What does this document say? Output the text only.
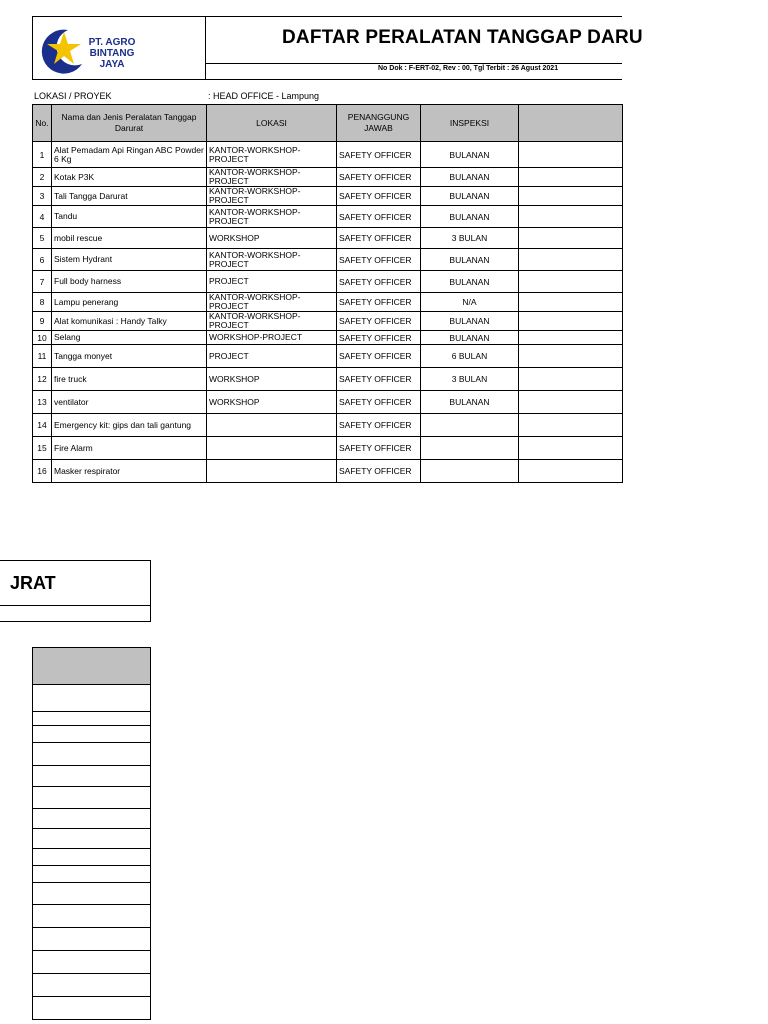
PT. AGRO
BINTANG
JAYA
DAFTAR PERALATAN TANGGAP DARU
No Dok : F-ERT-02, Rev : 00, Tgl Terbit : 26 Agust 2021
LOKASI / PROYEK	: HEAD OFFICE - Lampung
No.	Nama dan Jenis Peralatan Tanggap Darurat	LOKASI	PENANGGUNG JAWAB	INSPEKSI	
1	Alat Pemadam Api Ringan ABC Powder 6 Kg	KANTOR-WORKSHOP-PROJECT	SAFETY OFFICER	BULANAN	
2	Kotak P3K	KANTOR-WORKSHOP-PROJECT	SAFETY OFFICER	BULANAN	
3	Tali Tangga Darurat	KANTOR-WORKSHOP-PROJECT	SAFETY OFFICER	BULANAN	
4	Tandu	KANTOR-WORKSHOP-PROJECT	SAFETY OFFICER	BULANAN	
5	mobil rescue	WORKSHOP	SAFETY OFFICER	3 BULAN	
6	Sistem Hydrant	KANTOR-WORKSHOP-PROJECT	SAFETY OFFICER	BULANAN	
7	Full body harness	PROJECT	SAFETY OFFICER	BULANAN	
8	Lampu penerang	KANTOR-WORKSHOP-PROJECT	SAFETY OFFICER	N/A	
9	Alat komunikasi : Handy Talky	KANTOR-WORKSHOP-PROJECT	SAFETY OFFICER	BULANAN	
10	Selang	WORKSHOP-PROJECT	SAFETY OFFICER	BULANAN	
11	Tangga monyet	PROJECT	SAFETY OFFICER	6 BULAN	
12	fire truck	WORKSHOP	SAFETY OFFICER	3 BULAN	
13	ventilator	WORKSHOP	SAFETY OFFICER	BULANAN	
14	Emergency kit: gips dan tali gantung		SAFETY OFFICER		
15	Fire Alarm		SAFETY OFFICER		
16	Masker respirator		SAFETY OFFICER		
JRAT
